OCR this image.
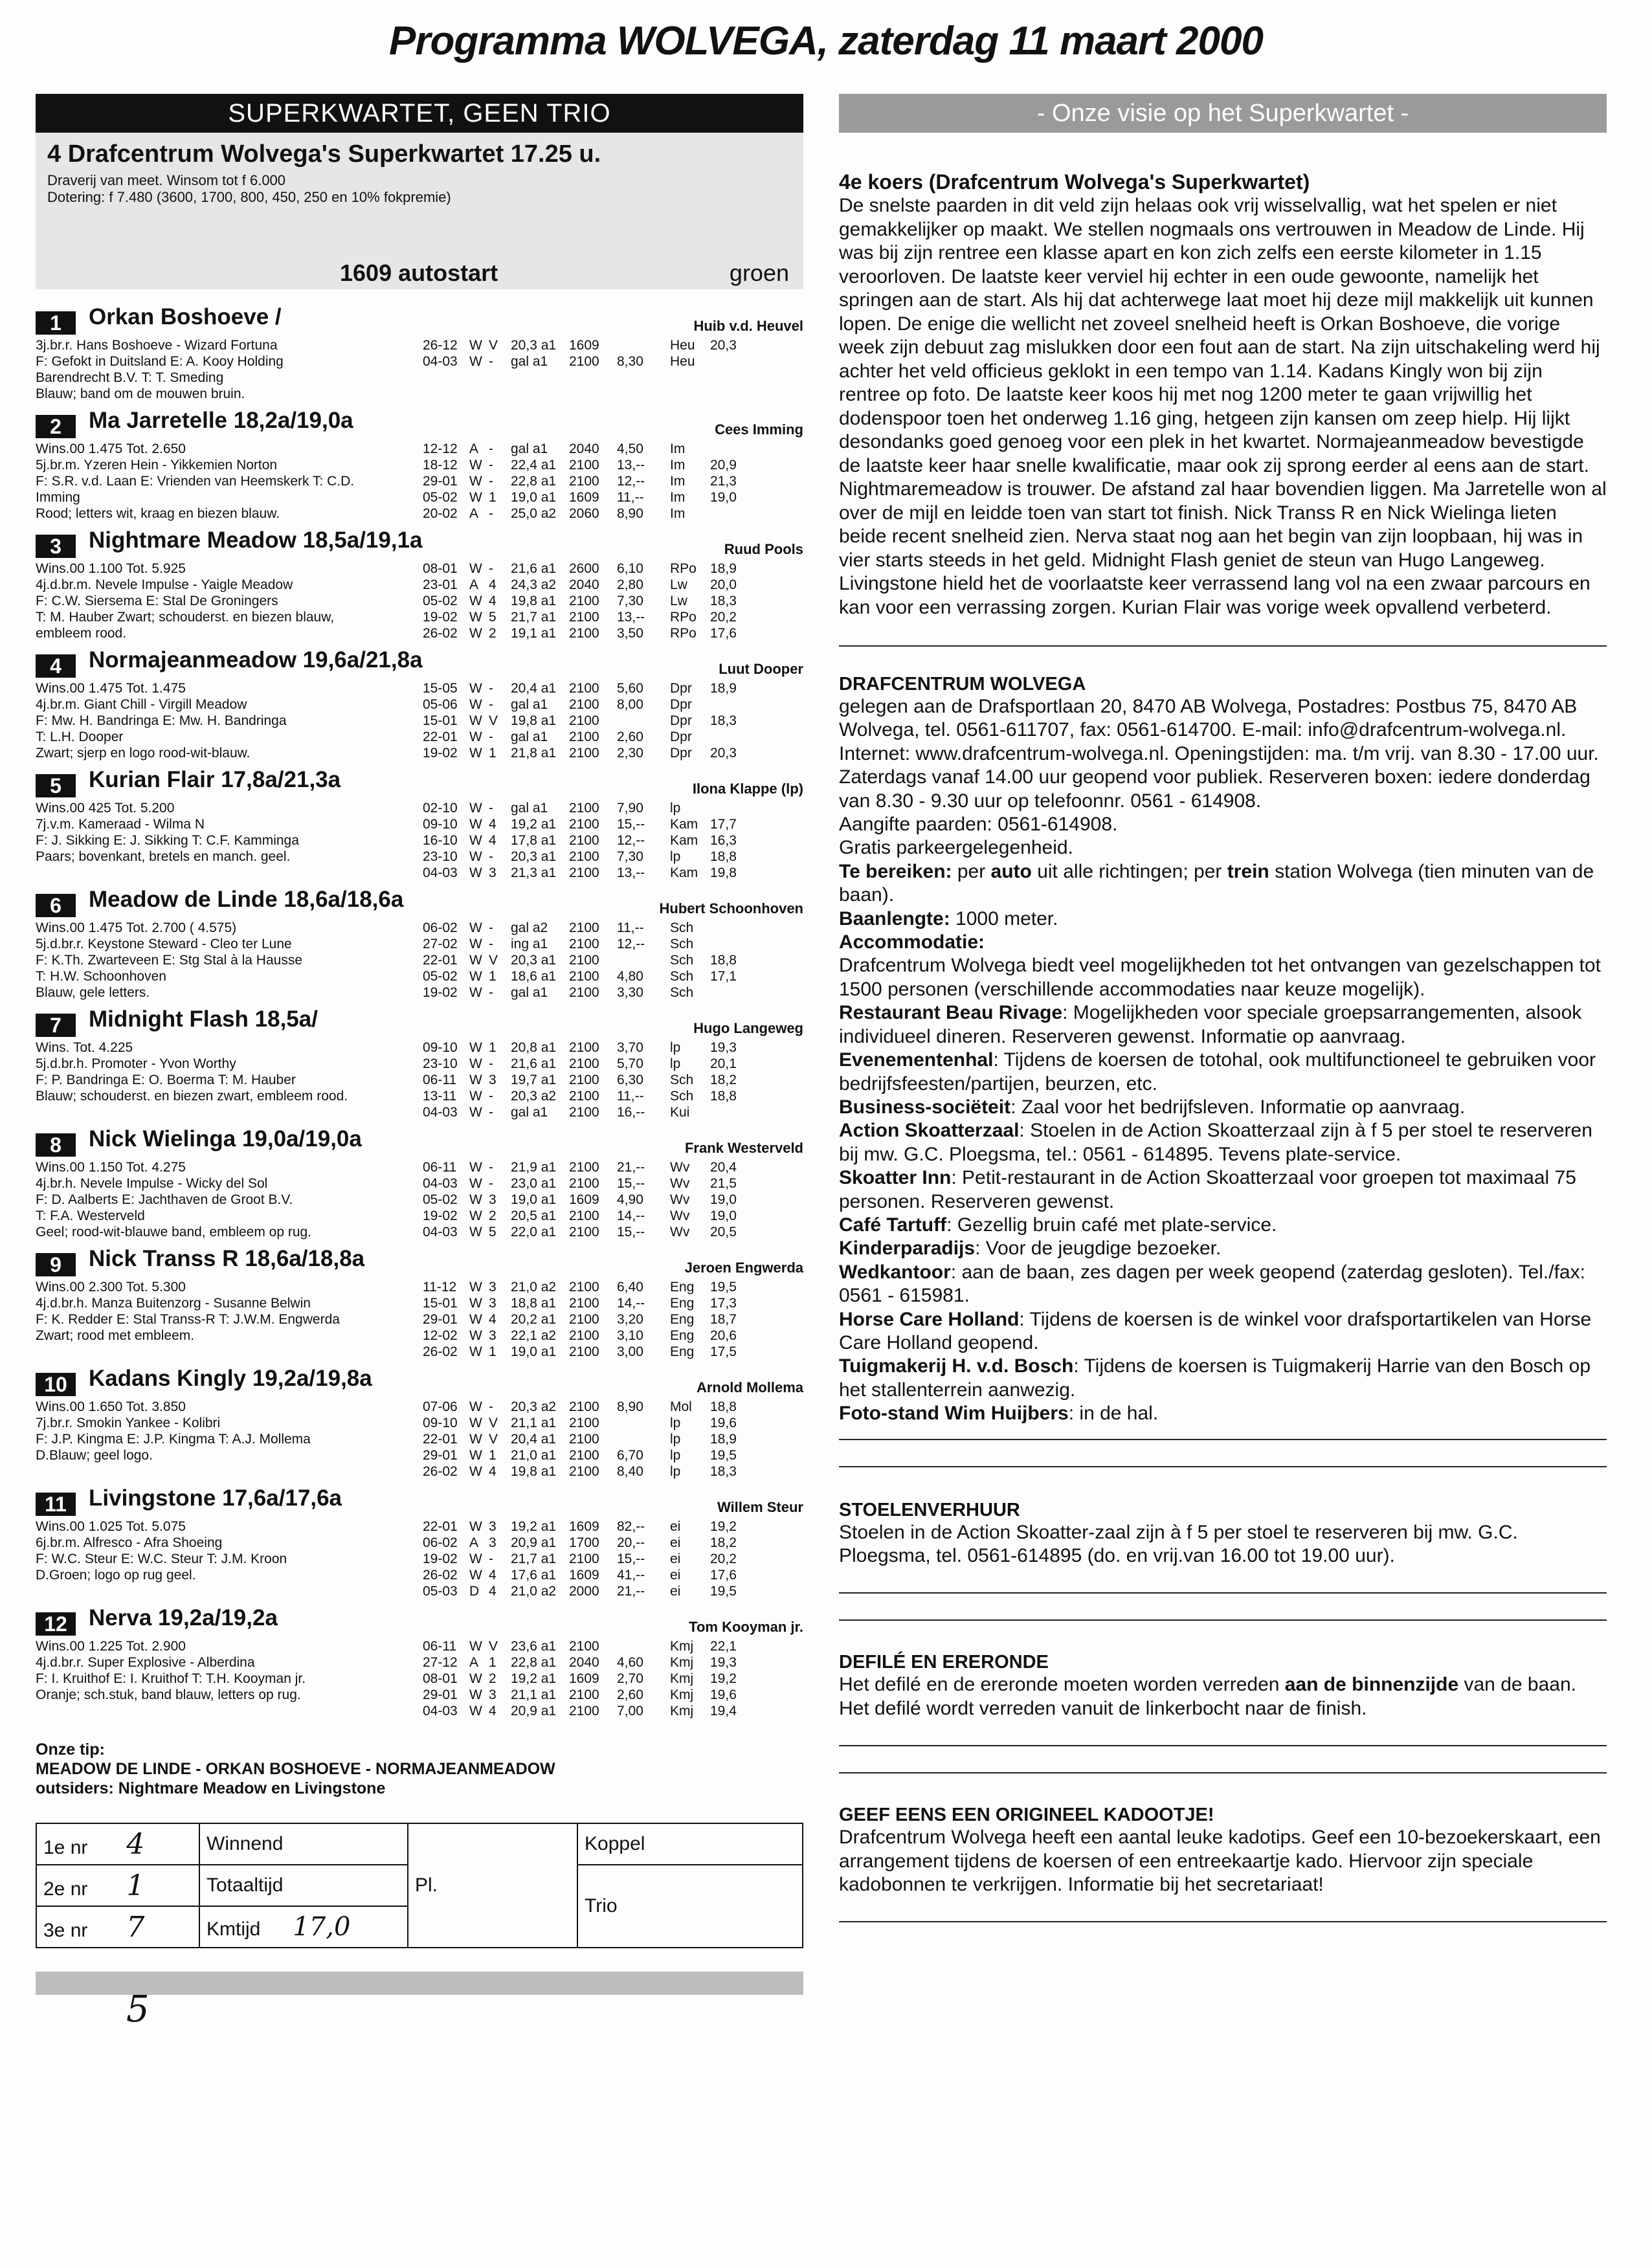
Programma WOLVEGA, zaterdag 11 maart 2000
SUPERKWARTET, GEEN TRIO
4 Drafcentrum Wolvega's Superkwartet 17.25 u.
Draverij van meet. Winsom tot f 6.000
Dotering: f 7.480 (3600, 1700, 800, 450, 250 en 10% fokpremie)
1609 autostart	groen
1	Orkan Boshoeve /	Huib v.d. Heuvel
3j.br.r. Hans Boshoeve - Wizard Fortuna
F: Gefokt in Duitsland E: A. Kooy Holding
Barendrecht B.V. T: T. Smeding
Blauw; band om de mouwen bruin.
26-12 W V 20,3 a1 1609	Heu	20,3
04-03 W -	gal a1	2100	8,30	Heu
2	Ma Jarretelle 18,2a/19,0a	Cees Imming
Wins.00 1.475 Tot. 2.650
5j.br.m. Yzeren Hein - Yikkemien Norton
F: S.R. v.d. Laan E: Vrienden van Heemskerk T: C.D.
Imming
Rood; letters wit, kraag en biezen blauw.
12-12 A -	gal a1	2040	4,50	Im
18-12 W -	22,4 a1 2100	13,--	Im	20,9
29-01 W -	22,8 a1 2100	12,--	Im	21,3
05-02 W 1	19,0 a1 1609	11,--	Im	19,0
20-02 A -	25,0 a2 2060	8,90	Im
3	Nightmare Meadow 18,5a/19,1a	Ruud Pools
Wins.00 1.100 Tot. 5.925
4j.d.br.m. Nevele Impulse - Yaigle Meadow
F: C.W. Siersema E: Stal De Groningers
T: M. Hauber Zwart; schouderst. en biezen blauw,
embleem rood.
08-01 W -	21,6 a1 2600	6,10	RPo	18,9
23-01 A 4	24,3 a2 2040	2,80	Lw	20,0
05-02 W 4	19,8 a1 2100	7,30	Lw	18,3
19-02 W 5	21,7 a1 2100	13,--	RPo	20,2
26-02 W 2	19,1 a1 2100	3,50	RPo	17,6
4	Normajeanmeadow 19,6a/21,8a	Luut Dooper
Wins.00 1.475 Tot. 1.475
4j.br.m. Giant Chill - Virgill Meadow
F: Mw. H. Bandringa E: Mw. H. Bandringa
T: L.H. Dooper
Zwart; sjerp en logo rood-wit-blauw.
15-05 W -	20,4 a1 2100	5,60	Dpr	18,9
05-06 W -	gal a1	2100	8,00	Dpr
15-01 W V 19,8 a1 2100	Dpr	18,3
22-01 W -	gal a1	2100	2,60	Dpr
19-02 W 1	21,8 a1 2100	2,30	Dpr	20,3
5	Kurian Flair 17,8a/21,3a	Ilona Klappe (lp)
Wins.00 425 Tot. 5.200
7j.v.m. Kameraad - Wilma N
F: J. Sikking E: J. Sikking T: C.F. Kamminga
Paars; bovenkant, bretels en manch. geel.
02-10 W -	gal a1	2100	7,90	lp
09-10 W 4	19,2 a1 2100	15,--	Kam 17,7
16-10 W 4	17,8 a1 2100	12,--	Kam 16,3
23-10 W -	20,3 a1 2100	7,30	lp	18,8
04-03 W 3	21,3 a1 2100	13,--	Kam 19,8
6	Meadow de Linde 18,6a/18,6a	Hubert Schoonhoven
Wins.00 1.475 Tot. 2.700 ( 4.575)
5j.d.br.r. Keystone Steward - Cleo ter Lune
F: K.Th. Zwarteveen E: Stg Stal à la Hausse
T: H.W. Schoonhoven
Blauw, gele letters.
06-02 W -	gal a2	2100	11,--	Sch
27-02 W -	ing a1	2100	12,--	Sch
22-01 W V 20,3 a1 2100	Sch	18,8
05-02 W 1	18,6 a1 2100	4,80	Sch	17,1
19-02 W -	gal a1	2100	3,30	Sch
7	Midnight Flash 18,5a/	Hugo Langeweg
Wins. Tot. 4.225
5j.d.br.h. Promoter - Yvon Worthy
F: P. Bandringa E: O. Boerma T: M. Hauber
Blauw; schouderst. en biezen zwart, embleem rood.
09-10 W 1	20,8 a1 2100	3,70	lp	19,3
23-10 W -	21,6 a1 2100	5,70	lp	20,1
06-11 W 3	19,7 a1 2100	6,30	Sch	18,2
13-11 W -	20,3 a2 2100	11,--	Sch	18,8
04-03 W -	gal a1	2100	16,--	Kui
8	Nick Wielinga 19,0a/19,0a	Frank Westerveld
Wins.00 1.150 Tot. 4.275
4j.br.h. Nevele Impulse - Wicky del Sol
F: D. Aalberts E: Jachthaven de Groot B.V.
T: F.A. Westerveld
Geel; rood-wit-blauwe band, embleem op rug.
06-11 W -	21,9 a1 2100	21,--	Wv	20,4
04-03 W -	23,0 a1 2100	15,--	Wv	21,5
05-02 W 3	19,0 a1 1609	4,90	Wv	19,0
19-02 W 2	20,5 a1 2100	14,--	Wv	19,0
04-03 W 5	22,0 a1 2100	15,--	Wv	20,5
9	Nick Transs R 18,6a/18,8a	Jeroen Engwerda
Wins.00 2.300 Tot. 5.300
4j.d.br.h. Manza Buitenzorg - Susanne Belwin
F: K. Redder E: Stal Transs-R T: J.W.M. Engwerda
Zwart; rood met embleem.
11-12 W 3	21,0 a2 2100	6,40	Eng	19,5
15-01 W 3	18,8 a1 2100	14,--	Eng	17,3
29-01 W 4	20,2 a1 2100	3,20	Eng	18,7
12-02 W 3	22,1 a2 2100	3,10	Eng	20,6
26-02 W 1	19,0 a1 2100	3,00	Eng	17,5
10 Kadans Kingly 19,2a/19,8a	Arnold Mollema
Wins.00 1.650 Tot. 3.850
7j.br.r. Smokin Yankee - Kolibri
F: J.P. Kingma E: J.P. Kingma T: A.J. Mollema
D.Blauw; geel logo.
07-06 W -	20,3 a2 2100	8,90	Mol	18,8
09-10 W V 21,1 a1 2100	lp	19,6
22-01 W V 20,4 a1 2100	lp	18,9
29-01 W 1	21,0 a1 2100	6,70	lp	19,5
26-02 W 4	19,8 a1 2100	8,40	lp	18,3
11 Livingstone 17,6a/17,6a	Willem Steur
Wins.00 1.025 Tot. 5.075
6j.br.m. Alfresco - Afra Shoeing
F: W.C. Steur E: W.C. Steur T: J.M. Kroon
D.Groen; logo op rug geel.
22-01 W 3	19,2 a1 1609	82,--	ei	19,2
06-02 A 3	20,9 a1 1700	20,--	ei	18,2
19-02 W -	21,7 a1 2100	15,--	ei	20,2
26-02 W 4	17,6 a1 1609	41,--	ei	17,6
05-03 D 4	21,0 a2 2000	21,--	ei	19,5
12 Nerva 19,2a/19,2a	Tom Kooyman jr.
Wins.00 1.225 Tot. 2.900
4j.d.br.r. Super Explosive - Alberdina
F: I. Kruithof E: I. Kruithof T: T.H. Kooyman jr.
Oranje; sch.stuk, band blauw, letters op rug.
06-11 W V 23,6 a1 2100	Kmj	22,1
27-12 A 1	22,8 a1 2040	4,60	Kmj	19,3
08-01 W 2	19,2 a1 1609	2,70	Kmj	19,2
29-01 W 3	21,1 a1 2100	2,60	Kmj	19,6
04-03 W 4	20,9 a1 2100	7,00	Kmj	19,4
Onze tip:
MEADOW DE LINDE - ORKAN BOSHOEVE - NORMAJEANMEADOW
outsiders: Nightmare Meadow en Livingstone
1e nr 4	Winnend	Pl.	Koppel
2e nr 1	Totaaltijd		Trio
3e nr 7	Kmtijd 17,0		
5
- Onze visie op het Superkwartet -
4e koers (Drafcentrum Wolvega's Superkwartet)
De snelste paarden in dit veld zijn helaas ook vrij wisselvallig, wat het spelen er niet gemakkelijker op maakt. We stellen nogmaals ons vertrouwen in Meadow de Linde. Hij was bij zijn rentree een klasse apart en kon zich zelfs een eerste kilometer in 1.15 veroorloven. De laatste keer verviel hij echter in een oude gewoonte, namelijk het springen aan de start. Als hij dat achterwege laat moet hij deze mijl makkelijk uit kunnen lopen. De enige die wellicht net zoveel snelheid heeft is Orkan Boshoeve, die vorige week zijn debuut zag mislukken door een fout aan de start. Na zijn uitschakeling werd hij achter het veld officieus geklokt in een tempo van 1.14. Kadans Kingly won bij zijn rentree op foto. De laatste keer koos hij met nog 1200 meter te gaan vrijwillig het dodenspoor toen het onderweg 1.16 ging, hetgeen zijn kansen om zeep hielp. Hij lijkt desondanks goed genoeg voor een plek in het kwartet. Normajeanmeadow bevestigde de laatste keer haar snelle kwalificatie, maar ook zij sprong eerder al eens aan de start. Nightmaremeadow is trouwer. De afstand zal haar bovendien liggen. Ma Jarretelle won al over de mijl en leidde toen van start tot finish. Nick Transs R en Nick Wielinga lieten beide recent snelheid zien. Nerva staat nog aan het begin van zijn loopbaan, hij was in vier starts steeds in het geld. Midnight Flash geniet de steun van Hugo Langeweg. Livingstone hield het de voorlaatste keer verrassend lang vol na een zwaar parcours en kan voor een verrassing zorgen. Kurian Flair was vorige week opvallend verbeterd.
DRAFCENTRUM WOLVEGA
gelegen aan de Drafsportlaan 20, 8470 AB Wolvega, Postadres: Postbus 75, 8470 AB Wolvega, tel. 0561-611707, fax: 0561-614700. E-mail: info@drafcentrum-wolvega.nl. Internet: www.drafcentrum-wolvega.nl. Openingstijden: ma. t/m vrij. van 8.30 - 17.00 uur. Zaterdags vanaf 14.00 uur geopend voor publiek. Reserveren boxen: iedere donderdag van 8.30 - 9.30 uur op telefoonnr. 0561 - 614908.
Aangifte paarden: 0561-614908.
Gratis parkeergelegenheid.
Te bereiken: per auto uit alle richtingen; per trein station Wolvega (tien minuten van de baan).
Baanlengte: 1000 meter.
Accommodatie:
Drafcentrum Wolvega biedt veel mogelijkheden tot het ontvangen van gezelschappen tot 1500 personen (verschillende accommodaties naar keuze mogelijk).
Restaurant Beau Rivage: Mogelijkheden voor speciale groepsarrangementen, alsook individueel dineren. Reserveren gewenst. Informatie op aanvraag.
Evenementenhal: Tijdens de koersen de totohal, ook multifunctioneel te gebruiken voor bedrijfsfeesten/partijen, beurzen, etc.
Business-sociëteit: Zaal voor het bedrijfsleven. Informatie op aanvraag.
Action Skoatterzaal: Stoelen in de Action Skoatterzaal zijn à f 5 per stoel te reserveren bij mw. G.C. Ploegsma, tel.: 0561 - 614895. Tevens plate-service.
Skoatter Inn: Petit-restaurant in de Action Skoatterzaal voor groepen tot maximaal 75 personen. Reserveren gewenst.
Café Tartuff: Gezellig bruin café met plate-service.
Kinderparadijs: Voor de jeugdige bezoeker.
Wedkantoor: aan de baan, zes dagen per week geopend (zaterdag gesloten). Tel./fax: 0561 - 615981.
Horse Care Holland: Tijdens de koersen is de winkel voor drafsportartikelen van Horse Care Holland geopend.
Tuigmakerij H. v.d. Bosch: Tijdens de koersen is Tuigmakerij Harrie van den Bosch op het stallenterrein aanwezig.
Foto-stand Wim Huijbers: in de hal.
STOELENVERHUUR
Stoelen in de Action Skoatter-zaal zijn à f 5 per stoel te reserveren bij mw. G.C. Ploegsma, tel. 0561-614895 (do. en vrij.van 16.00 tot 19.00 uur).
DEFILÉ EN ERERONDE
Het defilé en de ereronde moeten worden verreden aan de binnenzijde van de baan. Het defilé wordt verreden vanuit de linkerbocht naar de finish.
GEEF EENS EEN ORIGINEEL KADOOTJE!
Drafcentrum Wolvega heeft een aantal leuke kadotips. Geef een 10-bezoekerskaart, een arrangement tijdens de koersen of een entreekaartje kado. Hiervoor zijn speciale kadobonnen te verkrijgen. Informatie bij het secretariaat!
